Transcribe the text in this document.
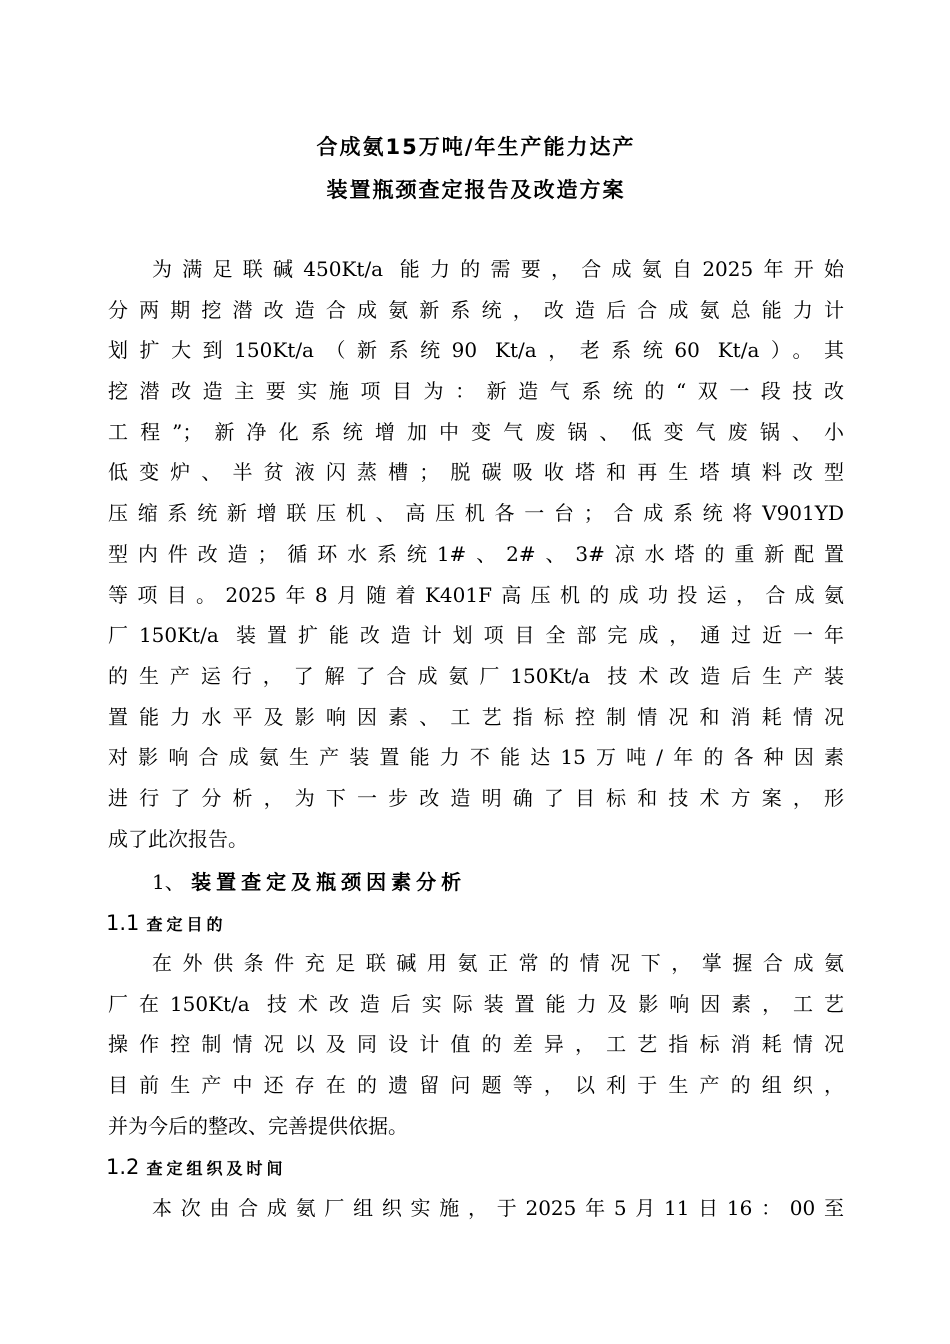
合成氨15万吨/年生产能力达产
装置瓶颈查定报告及改造方案
为满足联碱450Kt/a 能力的需要，合成氨自2025年开始
分两期挖潜改造合成氨新系统，改造后合成氨总能力计
划扩大到150Kt/a（新系统90 Kt/a，老系统60 Kt/a）。其
挖潜改造主要实施项目为：新造气系统的“双一段技改
工程”；新净化系统增加中变气废锅、低变气废锅、小
低变炉、半贫液闪蒸槽；脱碳吸收塔和再生塔填料改型
压缩系统新增联压机、高压机各一台；合成系统将V901YD
型内件改造；循环水系统1#、2#、3#凉水塔的重新配置
等项目。2025年8月随着K401F高压机的成功投运，合成氨
厂150Kt/a 装置扩能改造计划项目全部完成，通过近一年
的生产运行，了解了合成氨厂150Kt/a 技术改造后生产装
置能力水平及影响因素、工艺指标控制情况和消耗情况
对影响合成氨生产装置能力不能达15万吨/年的各种因素
进行了分析，为下一步改造明确了目标和技术方案，形
成了此次报告。
1、 装置查定及瓶颈因素分析
1.1 查定目的
在外供条件充足联碱用氨正常的情况下，掌握合成氨
厂在150Kt/a 技术改造后实际装置能力及影响因素，工艺
操作控制情况以及同设计值的差异，工艺指标消耗情况
目前生产中还存在的遗留问题等，以利于生产的组织，
并为今后的整改、完善提供依据。
1.2 查定组织及时间
本次由合成氨厂组织实施，于2025年5月11日16：00至
